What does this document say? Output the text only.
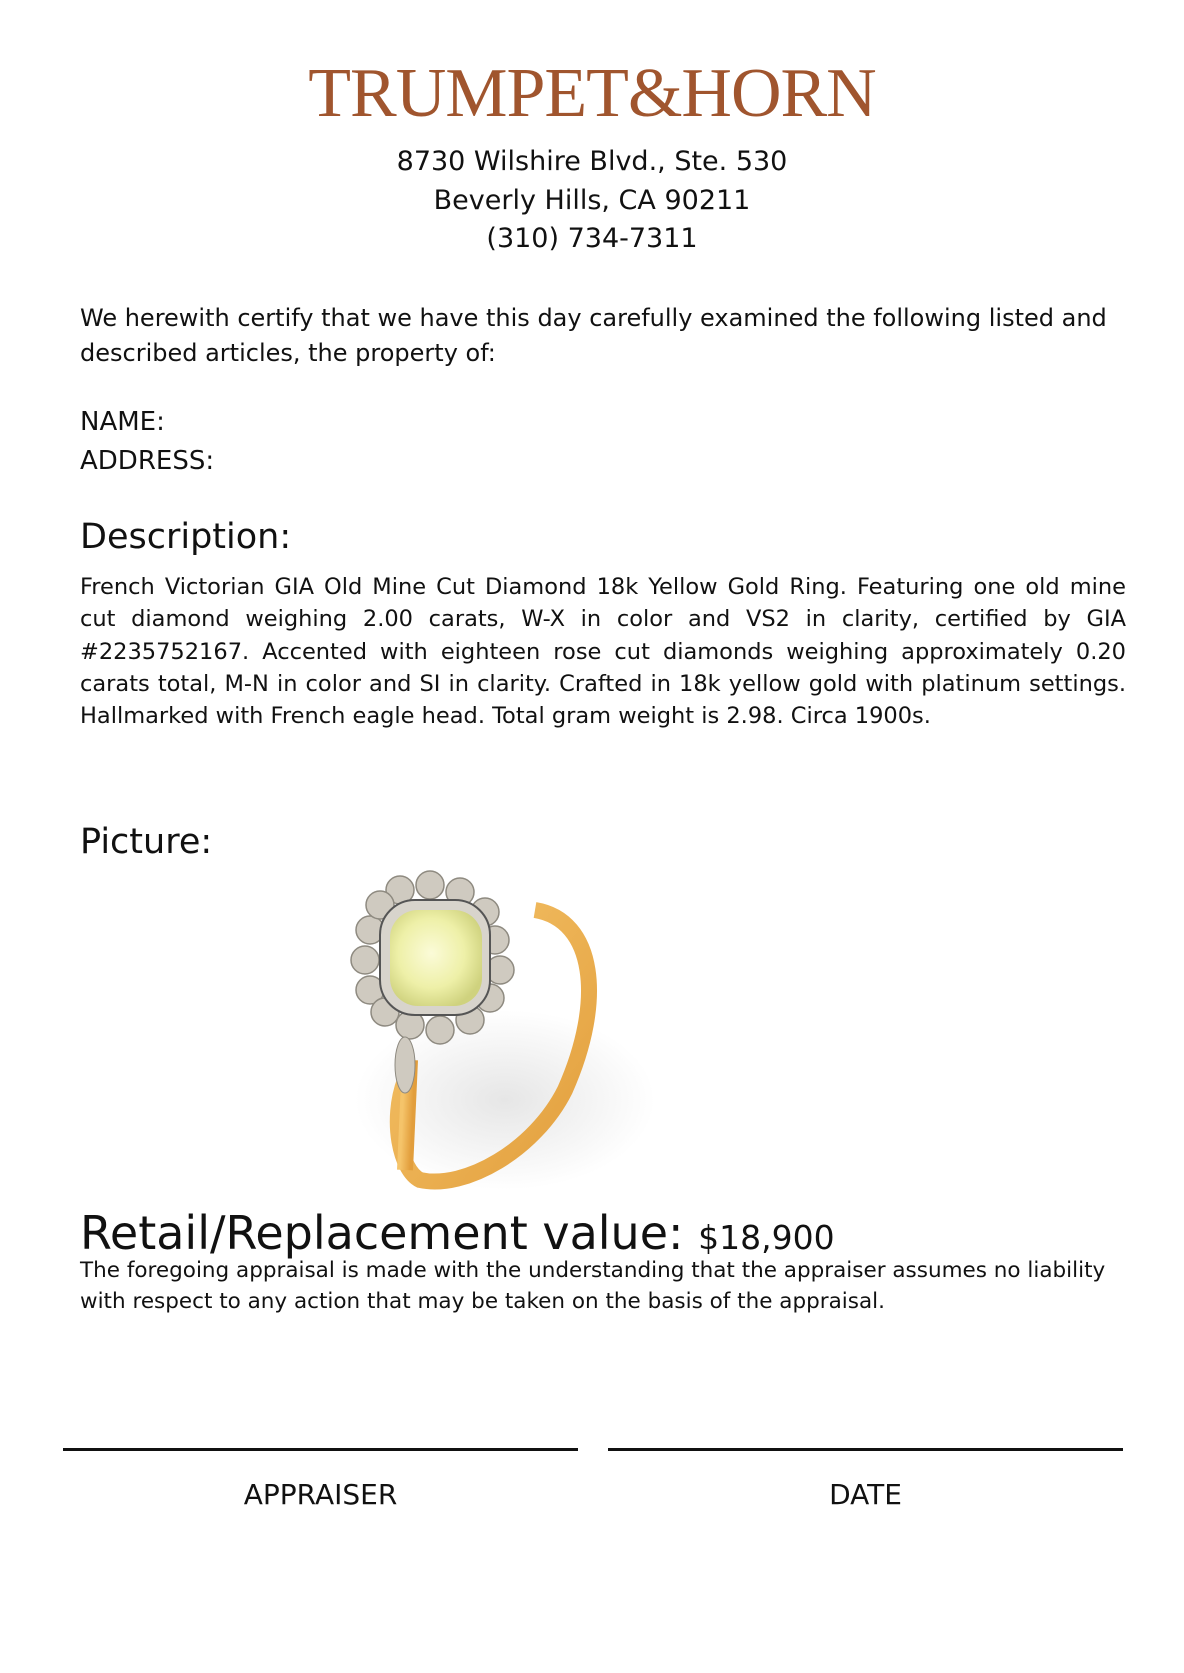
TRUMPET&HORN
8730 Wilshire Blvd., Ste. 530
Beverly Hills, CA 90211
(310) 734-7311
We herewith certify that we have this day carefully examined the following listed and described articles, the property of:
NAME:
ADDRESS:
Description:
French Victorian GIA Old Mine Cut Diamond 18k Yellow Gold Ring. Featuring one old mine cut diamond weighing 2.00 carats, W-X in color and VS2 in clarity, certified by GIA #2235752167. Accented with eighteen rose cut diamonds weighing approximately 0.20 carats total, M-N in color and SI in clarity. Crafted in 18k yellow gold with platinum settings. Hallmarked with French eagle head. Total gram weight is 2.98. Circa 1900s.
Picture:
Retail/Replacement value: $18,900
The foregoing appraisal is made with the understanding that the appraiser assumes no liability with respect to any action that may be taken on the basis of the appraisal.
APPRAISER	DATE
